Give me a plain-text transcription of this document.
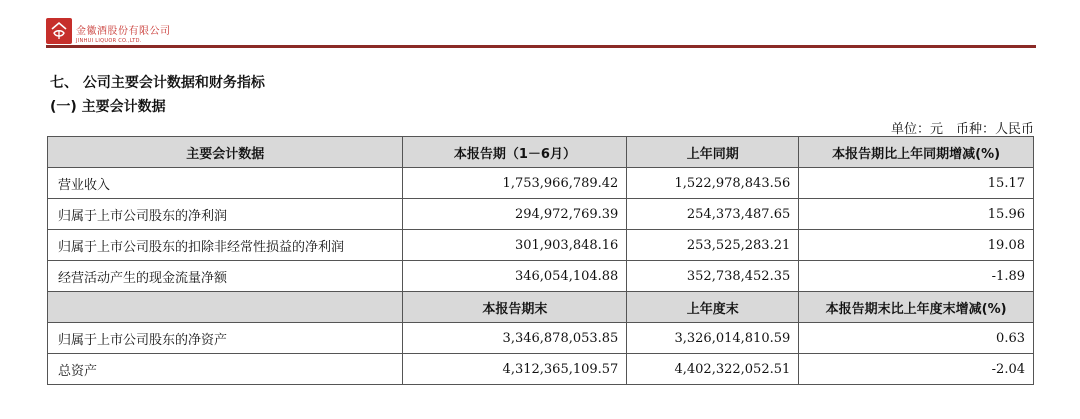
金徽酒股份有限公司
JINHUI LIQUOR CO.,LTD.
七、 公司主要会计数据和财务指标
(一) 主要会计数据
单位：元　币种：人民币
主要会计数据	本报告期（1－6月）	上年同期	本报告期比上年同期增减(%)
营业收入	1,753,966,789.42	1,522,978,843.56	15.17
归属于上市公司股东的净利润	294,972,769.39	254,373,487.65	15.96
归属于上市公司股东的扣除非经常性损益的净利润	301,903,848.16	253,525,283.21	19.08
经营活动产生的现金流量净额	346,054,104.88	352,738,452.35	-1.89
	本报告期末	上年度末	本报告期末比上年度末增减(%)
归属于上市公司股东的净资产	3,346,878,053.85	3,326,014,810.59	0.63
总资产	4,312,365,109.57	4,402,322,052.51	-2.04
